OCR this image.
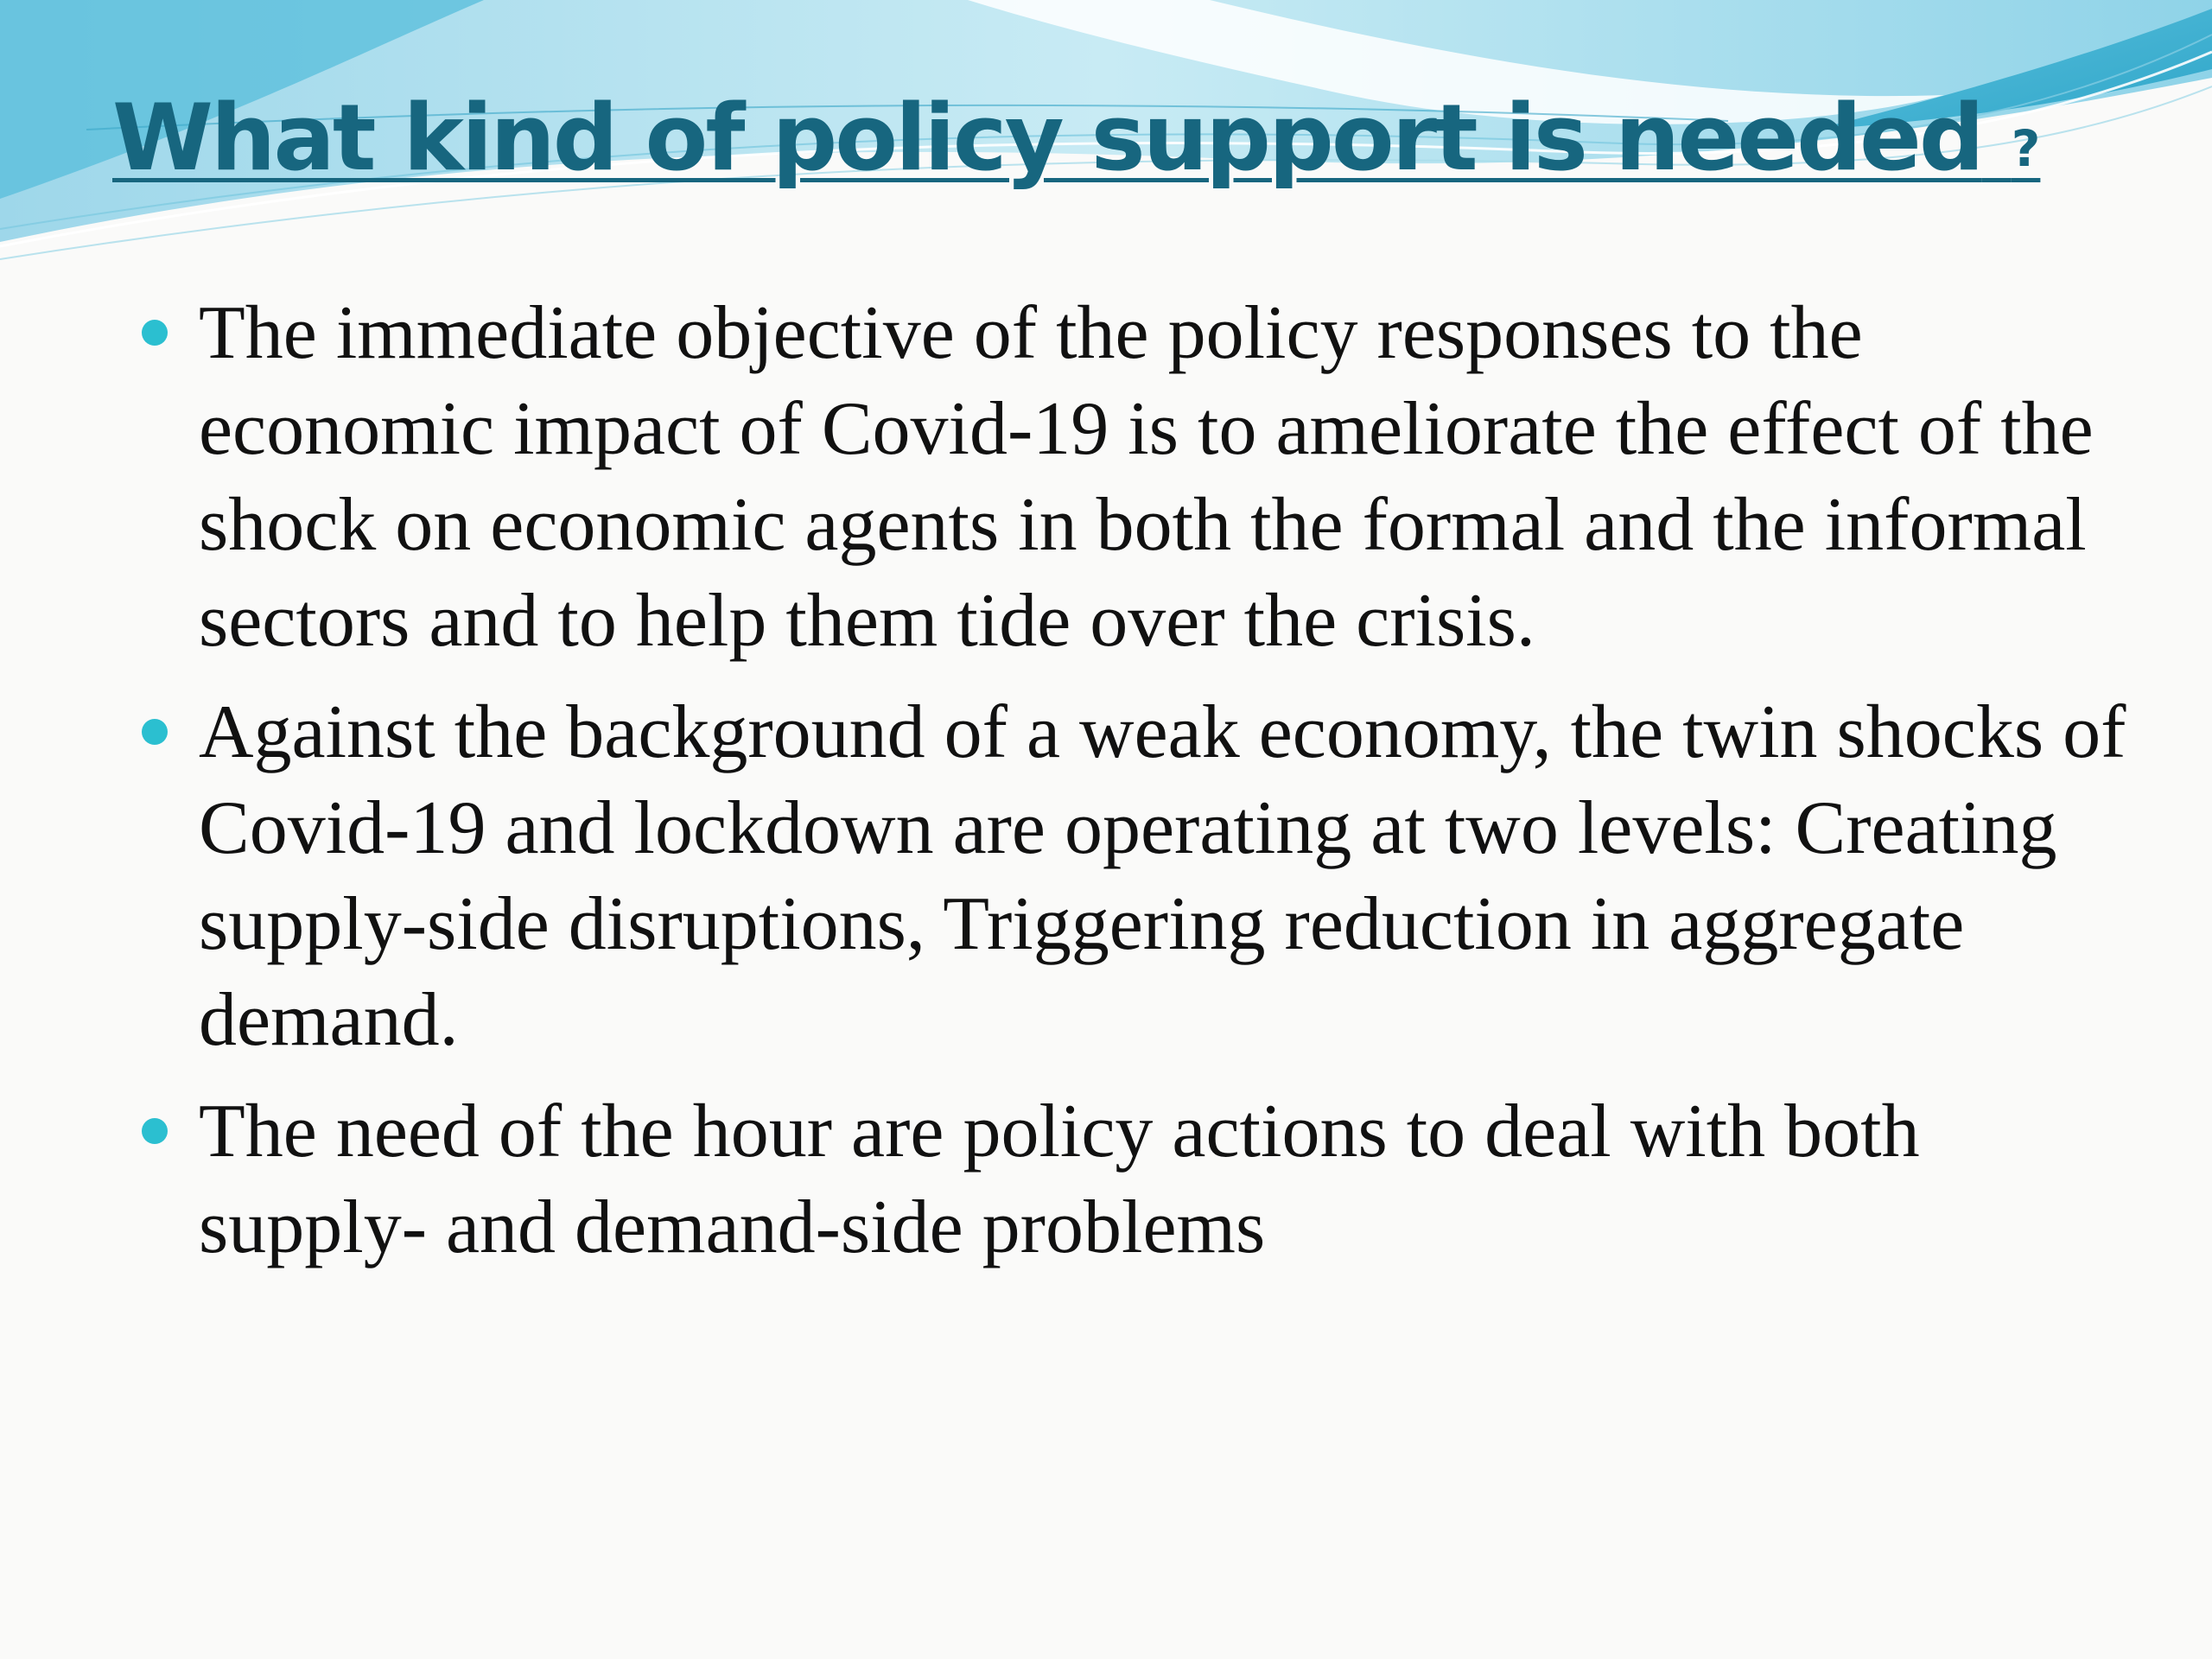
What kind of policy support is needed ?
The immediate objective of the policy responses to the economic impact of Covid-19 is to ameliorate the effect of the shock on economic agents in both the formal and the informal sectors and to help them tide over the crisis.
Against the background of a weak economy, the twin shocks of Covid-19 and lockdown are operating at two levels: Creating supply-side disruptions, Triggering reduction in aggregate demand.
The need of the hour are policy actions to deal with both supply- and demand-side problems
